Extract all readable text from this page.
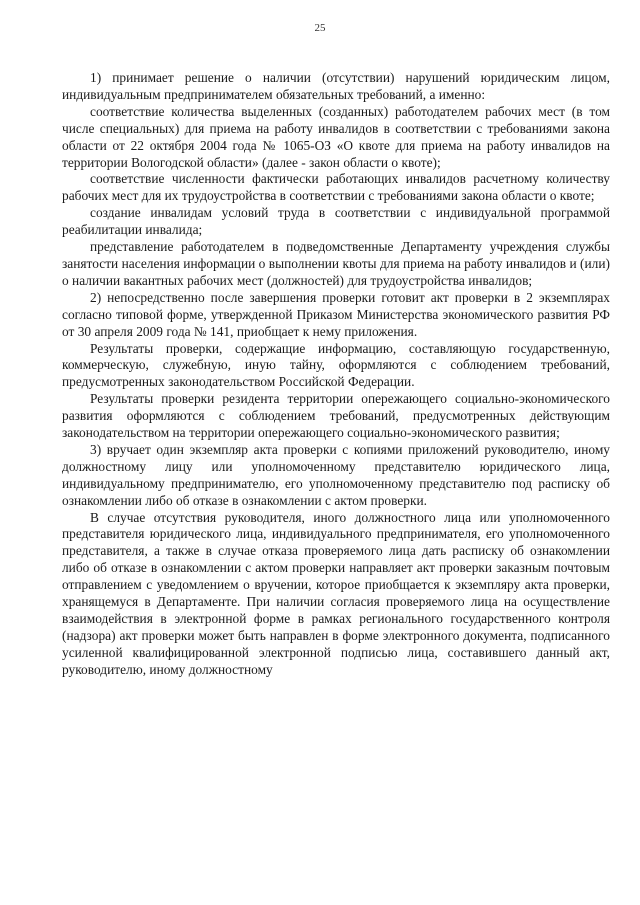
25

1) принимает решение о наличии (отсутствии) нарушений юридическим лицом, индивидуальным предпринимателем обязательных требований, а именно:

соответствие количества выделенных (созданных) работодателем рабочих мест (в том числе специальных) для приема на работу инвалидов в соответствии с требованиями закона области от 22 октября 2004 года № 1065-ОЗ «О квоте для приема на работу инвалидов на территории Вологодской области» (далее - закон области о квоте);

соответствие численности фактически работающих инвалидов расчетному количеству рабочих мест для их трудоустройства в соответствии с требованиями закона области о квоте;

создание инвалидам условий труда в соответствии с индивидуальной программой реабилитации инвалида;

представление работодателем в подведомственные Департаменту учреждения службы занятости населения информации о выполнении квоты для приема на работу инвалидов и (или) о наличии вакантных рабочих мест (должностей) для трудоустройства инвалидов;

2) непосредственно после завершения проверки готовит акт проверки в 2 экземплярах согласно типовой форме, утвержденной Приказом Министерства экономического развития РФ от 30 апреля 2009 года № 141, приобщает к нему приложения.

Результаты проверки, содержащие информацию, составляющую государственную, коммерческую, служебную, иную тайну, оформляются с соблюдением требований, предусмотренных законодательством Российской Федерации.

Результаты проверки резидента территории опережающего социально-экономического развития оформляются с соблюдением требований, предусмотренных действующим законодательством на территории опережающего социально-экономического развития;

3) вручает один экземпляр акта проверки с копиями приложений руководителю, иному должностному лицу или уполномоченному представителю юридического лица, индивидуальному предпринимателю, его уполномоченному представителю под расписку об ознакомлении либо об отказе в ознакомлении с актом проверки.

В случае отсутствия руководителя, иного должностного лица или уполномоченного представителя юридического лица, индивидуального предпринимателя, его уполномоченного представителя, а также в случае отказа проверяемого лица дать расписку об ознакомлении либо об отказе в ознакомлении с актом проверки направляет акт проверки заказным почтовым отправлением с уведомлением о вручении, которое приобщается к экземпляру акта проверки, хранящемуся в Департаменте. При наличии согласия проверяемого лица на осуществление взаимодействия в электронной форме в рамках регионального государственного контроля (надзора) акт проверки может быть направлен в форме электронного документа, подписанного усиленной квалифицированной электронной подписью лица, составившего данный акт, руководителю, иному должностному
